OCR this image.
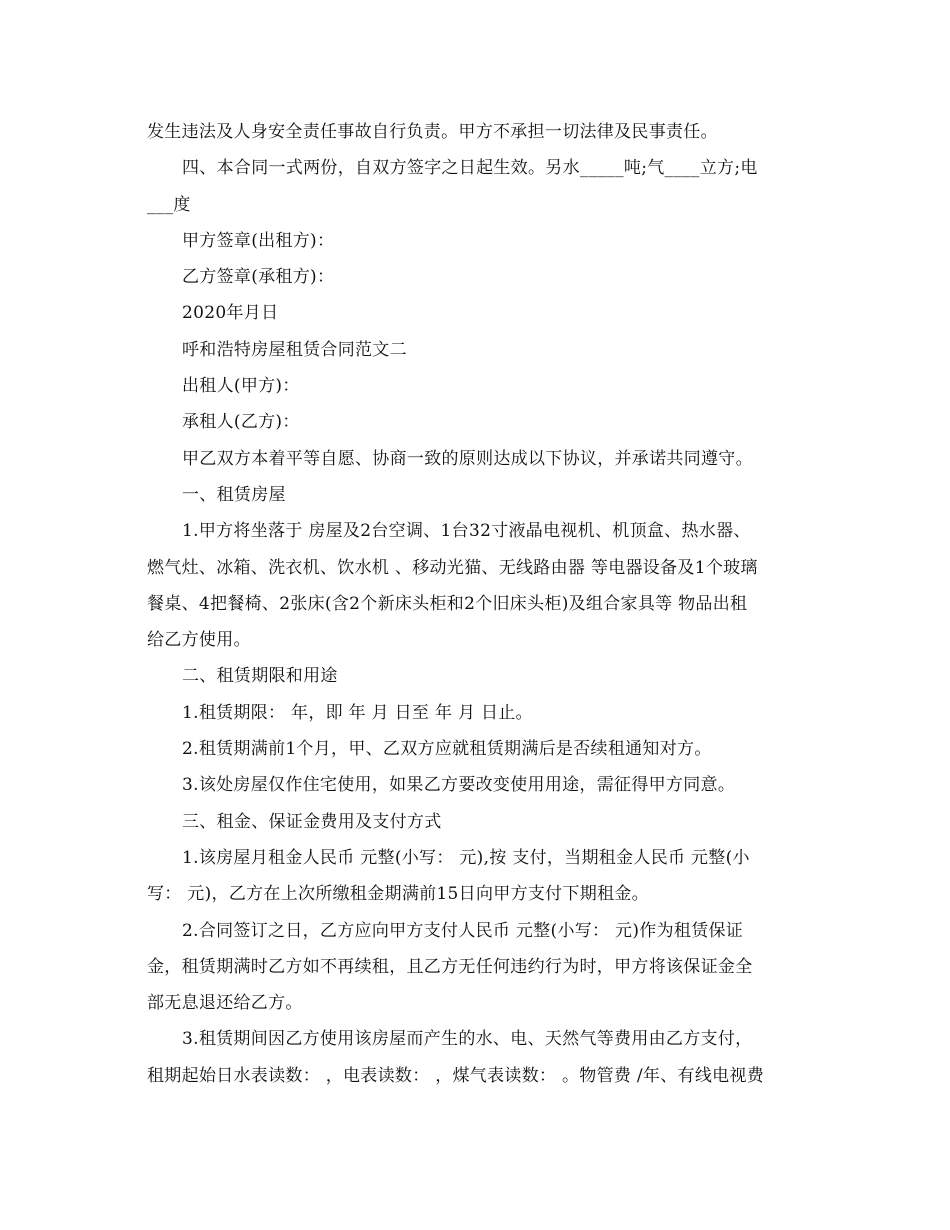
发生违法及人身安全责任事故自行负责。甲方不承担一切法律及民事责任。
四、本合同一式两份，自双方签字之日起生效。另水_____吨;气____立方;电
___度
甲方签章(出租方)：
乙方签章(承租方)：
2020年月日
呼和浩特房屋租赁合同范文二
出租人(甲方)：
承租人(乙方)：
甲乙双方本着平等自愿、协商一致的原则达成以下协议，并承诺共同遵守。
一、租赁房屋
1.甲方将坐落于 房屋及2台空调、1台32寸液晶电视机、机顶盒、热水器、
燃气灶、冰箱、洗衣机、饮水机 、移动光猫、无线路由器 等电器设备及1个玻璃
餐桌、4把餐椅、2张床(含2个新床头柜和2个旧床头柜)及组合家具等 物品出租
给乙方使用。
二、租赁期限和用途
1.租赁期限： 年，即 年 月 日至 年 月 日止。
2.租赁期满前1个月，甲、乙双方应就租赁期满后是否续租通知对方。
3.该处房屋仅作住宅使用，如果乙方要改变使用用途，需征得甲方同意。
三、租金、保证金费用及支付方式
1.该房屋月租金人民币 元整(小写： 元),按 支付，当期租金人民币 元整(小
写： 元)，乙方在上次所缴租金期满前15日向甲方支付下期租金。
2.合同签订之日，乙方应向甲方支付人民币 元整(小写： 元)作为租赁保证
金，租赁期满时乙方如不再续租，且乙方无任何违约行为时，甲方将该保证金全
部无息退还给乙方。
3.租赁期间因乙方使用该房屋而产生的水、电、天然气等费用由乙方支付，
租期起始日水表读数： ，电表读数： ，煤气表读数： 。物管费 /年、有线电视费
